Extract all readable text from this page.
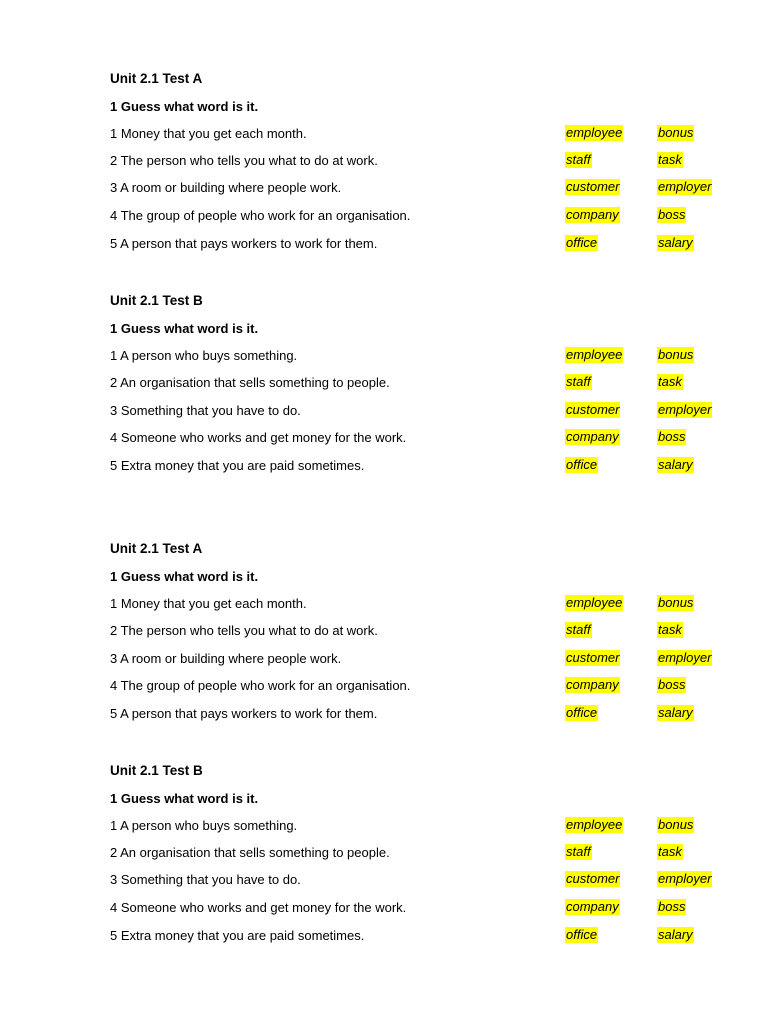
Unit 2.1 Test A
1 Guess what word is it.
1 Money that you get each month.	employee	bonus
2 The person who tells you what to do at work.	staff	task
3 A room or building where people work.	customer	employer
4 The group of people who work for an organisation.	company	boss
5 A person that pays workers to work for them.	office	salary
Unit 2.1 Test B
1 Guess what word is it.
1 A person who buys something.	employee	bonus
2 An organisation that sells something to people.	staff	task
3 Something that you have to do.	customer	employer
4 Someone who works and get money for the work.	company	boss
5 Extra money that you are paid sometimes.	office	salary
Unit 2.1 Test A
1 Guess what word is it.
1 Money that you get each month.	employee	bonus
2 The person who tells you what to do at work.	staff	task
3 A room or building where people work.	customer	employer
4 The group of people who work for an organisation.	company	boss
5 A person that pays workers to work for them.	office	salary
Unit 2.1 Test B
1 Guess what word is it.
1 A person who buys something.	employee	bonus
2 An organisation that sells something to people.	staff	task
3 Something that you have to do.	customer	employer
4 Someone who works and get money for the work.	company	boss
5 Extra money that you are paid sometimes.	office	salary
